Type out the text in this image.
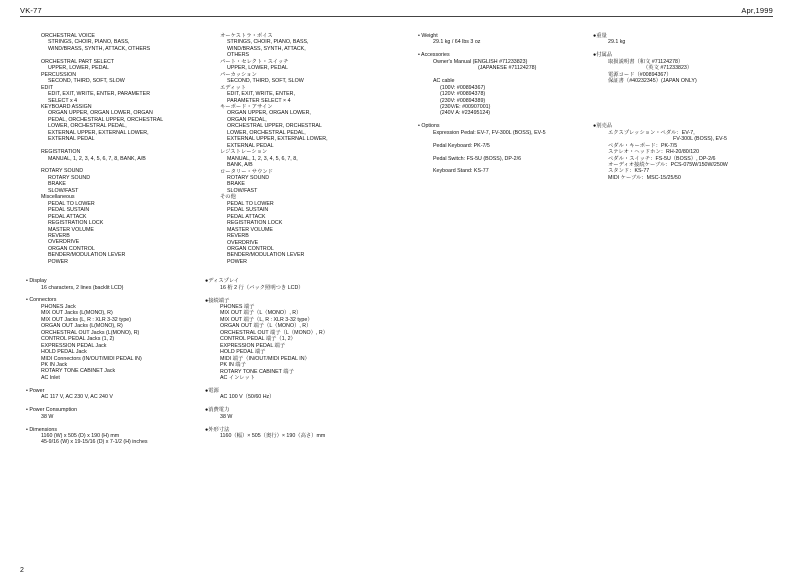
VK-77	Apr,1999
ORCHESTRAL VOICE
STRINGS, CHOIR, PIANO, BASS,
WIND/BRASS, SYNTH, ATTACK, OTHERS
ORCHESTRAL PART SELECT
UPPER, LOWER, PEDAL
PERCUSSION
SECOND, THIRD, SOFT, SLOW
EDIT
EDIT, EXIT, WRITE, ENTER, PARAMETER
SELECT x 4
KEYBOARD ASSIGN
ORGAN UPPER, ORGAN LOWER, ORGAN
PEDAL, ORCHESTRAL UPPER, ORCHESTRAL
LOWER, ORCHESTRAL PEDAL,
EXTERNAL UPPER, EXTERNAL LOWER,
EXTERNAL PEDAL
REGISTRATION
MANUAL, 1, 2, 3, 4, 5, 6, 7, 8, BANK, A/B
ROTARY SOUND
ROTARY SOUND
BRAKE
SLOW/FAST
Miscellaneous
PEDAL TO LOWER
PEDAL SUSTAIN
PEDAL ATTACK
REGISTRATION LOCK
MASTER VOLUME
REVERB
OVERDRIVE
ORGAN CONTROL
BENDER/MODULATION LEVER
POWER
• Display
16 characters, 2 lines (backlit LCD)
• Connectors
PHONES Jack
MIX OUT Jacks (L(MONO), R)
MIX OUT Jacks (L, R : XLR 3-32 type)
ORGAN OUT Jacks (L(MONO), R)
ORCHESTRAL OUT Jacks (L(MONO), R)
CONTROL PEDAL Jacks (1, 2)
EXPRESSION PEDAL Jack
HOLD PEDAL Jack
MIDI Connectors (IN/OUT/MIDI PEDAL IN)
PK IN Jack
ROTARY TONE CABINET Jack
AC Inlet
• Power
AC 117 V, AC 230 V, AC 240 V
• Power Consumption
38 W
• Dimensions
1160 (W) x 505 (D) x 190 (H) mm
45-9/16 (W) x 19-15/16 (D) x 7-1/2 (H) inches
オーケストラ・ボイス
STRINGS, CHOIR, PIANO, BASS,
WIND/BRASS, SYNTH, ATTACK,
OTHERS
パート・セレクト・スイッチ
UPPER, LOWER, PEDAL
パーカッション
SECOND, THIRD, SOFT, SLOW
エディット
EDIT, EXIT, WRITE, ENTER,
PARAMETER SELECT × 4
キーボード・アサイン
ORGAN UPPER, ORGAN LOWER,
ORGAN PEDAL,
ORCHESTRAL UPPER, ORCHESTRAL
LOWER, ORCHESTRAL PEDAL,
EXTERNAL UPPER, EXTERNAL LOWER,
EXTERNAL PEDAL
レジストレーション
MANUAL, 1, 2, 3, 4, 5, 6, 7, 8,
BANK, A/B
ロータリー・サウンド
ROTARY SOUND
BRAKE
SLOW/FAST
その他
PEDAL TO LOWER
PEDAL SUSTAIN
PEDAL ATTACK
REGISTRATION LOCK
MASTER VOLUME
REVERB
OVERDRIVE
ORGAN CONTROL
BENDER/MODULATION LEVER
POWER
●ディスプレイ
16 桁 2 行（バック照明つき LCD）
●接続端子
PHONES 端子
MIX OUT 端子（L（MONO）, R）
MIX OUT 端子（L, R : XLR 3-32 type）
ORGAN OUT 端子（L（MONO）, R）
ORCHESTRAL OUT 端子（L（MONO）, R）
CONTROL PEDAL 端子（1, 2）
EXPRESSION PEDAL 端子
HOLD PEDAL 端子
MIDI 端子（IN/OUT/MIDI PEDAL IN）
PK IN 端子
ROTARY TONE CABINET 端子
AC インレット
●電源
AC 100 V（50/60 Hz）
●消費電力
38 W
●外形寸法
1160（幅）× 505（奥行）× 190（高さ）mm
• Weight
29.1 kg / 64 lbs 3 oz
• Accessories
Owner's Manual (ENGLISH #71233823)
(JAPANESE #71124278)
AC cable
(100V: #00894367)
(120V: #00894378)
(230V: #00894389)
(230V/E: #00907001)
(240V A: #23495124)
• Options
Expression Pedal: EV-7, FV-300L (BOSS), EV-5
Pedal Keyboard: PK-7/5
Pedal Switch: FS-5U (BOSS), DP-2/6
Keyboard Stand: KS-77
●重量
29.1 kg
●付属品
取扱説明書（和文 #71124278）
（英文 #71233823）
電源コード（#00894367）
保証書（#40232345）(JAPAN ONLY)
●別売品
エクスプレッション・ペダル：EV-7,
FV-300L (BOSS), EV-5
ペダル・キーボード：PK-7/5
ステレオ・ヘッドホン：RH-20/80/120
ペダル・スイッチ：FS-5U（BOSS）, DP-2/6
オーディオ接続ケーブル：PCS-075W/150W/250W
スタンド：KS-77
MIDI ケーブル：MSC-15/25/50
2
